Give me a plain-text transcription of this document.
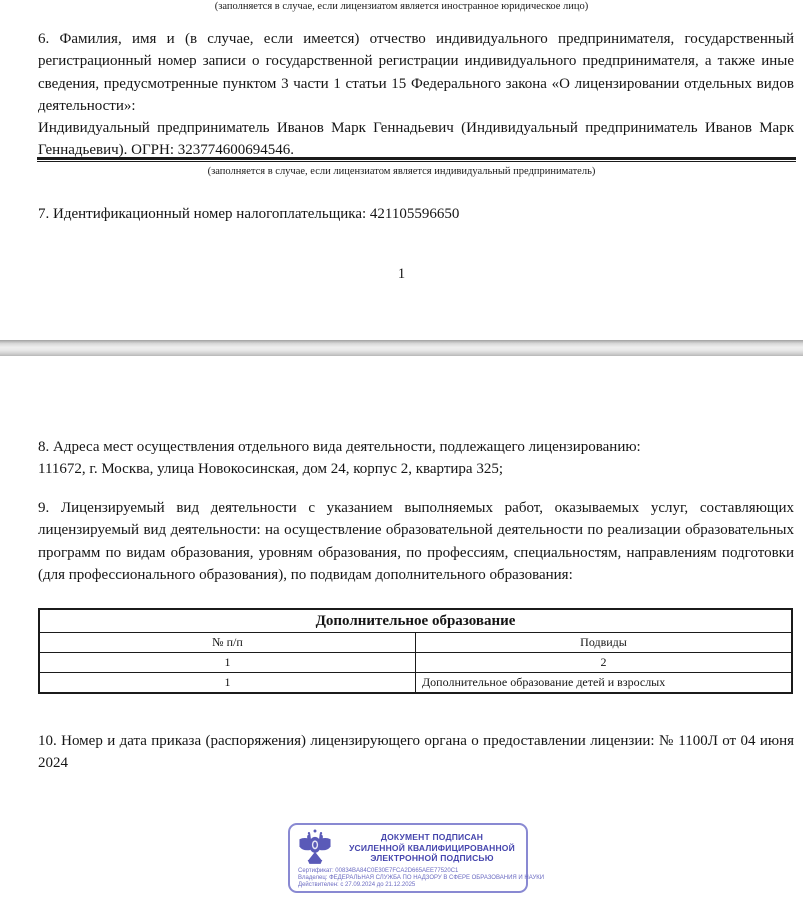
(заполняется в случае, если лицензиатом является иностранное юридическое лицо)

6. Фамилия, имя и (в случае, если имеется) отчество индивидуального предпринимателя, государственный регистрационный номер записи о государственной регистрации индивидуального предпринимателя, а также иные сведения, предусмотренные пунктом 3 части 1 статьи 15 Федерального закона «О лицензировании отдельных видов деятельности»:

Индивидуальный предприниматель Иванов Марк Геннадьевич (Индивидуальный предприниматель Иванов Марк Геннадьевич). ОГРН: 323774600694546.

(заполняется в случае, если лицензиатом является индивидуальный предприниматель)
7. Идентификационный номер налогоплательщика: 421105596650
1

8. Адреса мест осуществления отдельного вида деятельности, подлежащего лицензированию:

111672, г. Москва, улица Новокосинская, дом 24, корпус 2, квартира 325;

9. Лицензируемый вид деятельности с указанием выполняемых работ, оказываемых услуг, составляющих лицензируемый вид деятельности: на осуществление образовательной деятельности по реализации образовательных программ по видам образования, уровням образования, по профессиям, специальностям, направлениям подготовки (для профессионального образования), по подвидам дополнительного образования:

Дополнительное образование	
№ п/п	Подвиды
1	2
1	Дополнительное образование детей и взрослых

10. Номер и дата приказа (распоряжения) лицензирующего органа о предоставлении лицензии: № 1100Л от 04 июня 2024

ДОКУМЕНТ ПОДПИСАН
УСИЛЕННОЙ КВАЛИФИЦИРОВАННОЙ
ЭЛЕКТРОННОЙ ПОДПИСЬЮ
Сертификат: 00834BA84C0E30E7FCA2D665AEE77520C1
Владелец: ФЕДЕРАЛЬНАЯ СЛУЖБА ПО НАДЗОРУ В СФЕРЕ ОБРАЗОВАНИЯ И НАУКИ
Действителен: с 27.09.2024 до 21.12.2025
